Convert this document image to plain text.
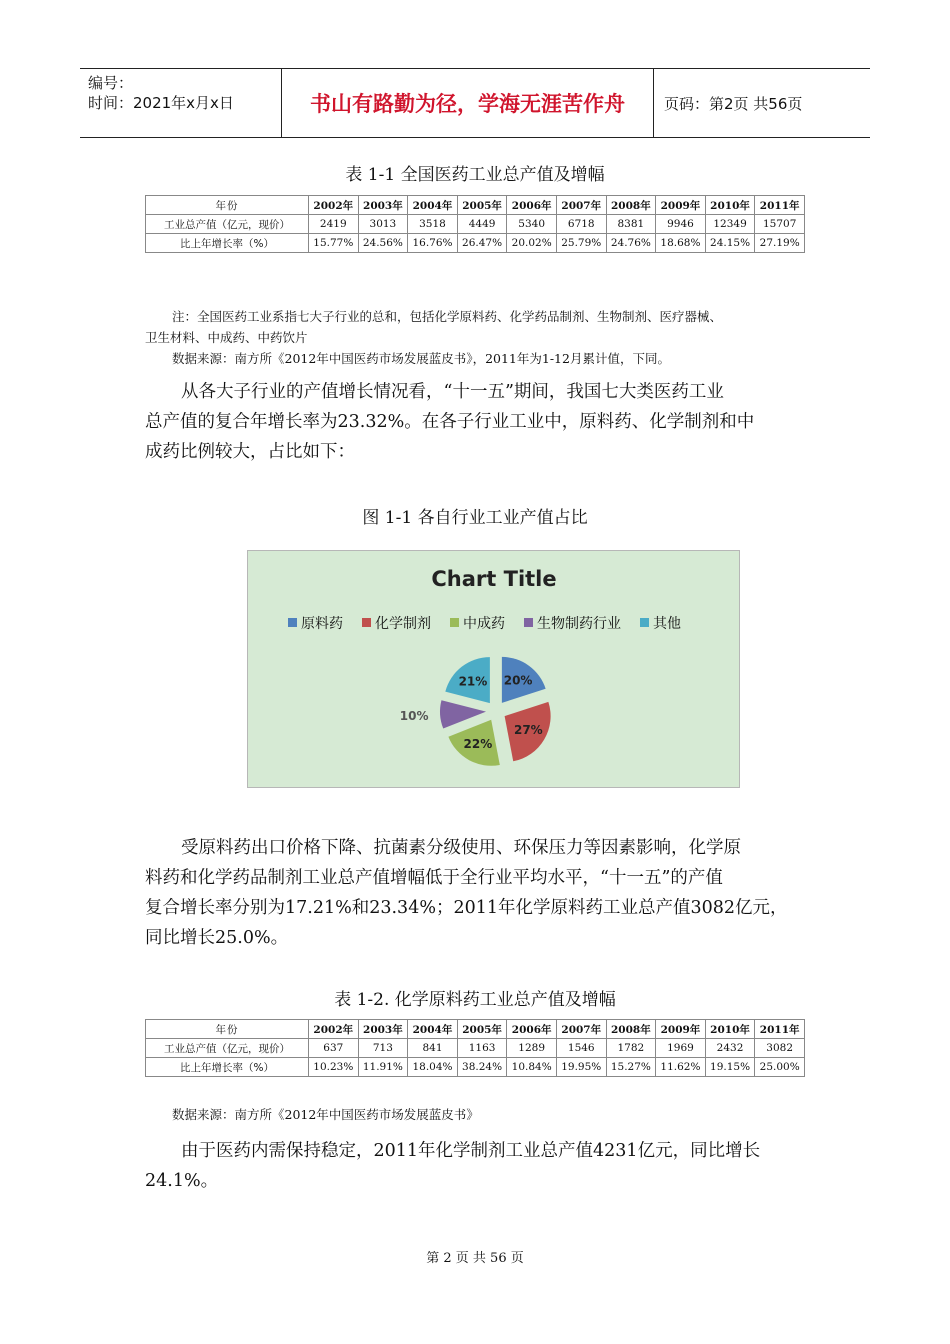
编号：
时间：2021年x月x日	书山有路勤为径，学海无涯苦作舟	页码：第2页 共56页
表 1-1 全国医药工业总产值及增幅
年份	2002年	2003年	2004年	2005年	2006年	2007年	2008年	2009年	2010年	2011年
工业总产值（亿元，现价）	2419	3013	3518	4449	5340	6718	8381	9946	12349	15707
比上年增长率（%）	15.77%	24.56%	16.76%	26.47%	20.02%	25.79%	24.76%	18.68%	24.15%	27.19%
注：全国医药工业系指七大子行业的总和，包括化学原料药、化学药品制剂、生物制剂、医疗器械、
卫生材料、中成药、中药饮片
数据来源：南方所《2012年中国医药市场发展蓝皮书》，2011年为1-12月累计值，下同。
从各大子行业的产值增长情况看，“十一五”期间，我国七大类医药工业
总产值的复合年增长率为23.32%。在各子行业工业中，原料药、化学制剂和中
成药比例较大，占比如下：
图 1-1 各自行业工业产值占比
Chart Title
原料药 化学制剂 中成药 生物制药行业 其他
20%
27%
22%
10%
21%
受原料药出口价格下降、抗菌素分级使用、环保压力等因素影响，化学原
料药和化学药品制剂工业总产值增幅低于全行业平均水平，“十一五”的产值
复合增长率分别为17.21%和23.34%；2011年化学原料药工业总产值3082亿元，
同比增长25.0%。
表 1-2. 化学原料药工业总产值及增幅
年份	2002年	2003年	2004年	2005年	2006年	2007年	2008年	2009年	2010年	2011年
工业总产值（亿元，现价）	637	713	841	1163	1289	1546	1782	1969	2432	3082
比上年增长率（%）	10.23%	11.91%	18.04%	38.24%	10.84%	19.95%	15.27%	11.62%	19.15%	25.00%
数据来源：南方所《2012年中国医药市场发展蓝皮书》
由于医药内需保持稳定，2011年化学制剂工业总产值4231亿元，同比增长
24.1%。
第 2 页 共 56 页
